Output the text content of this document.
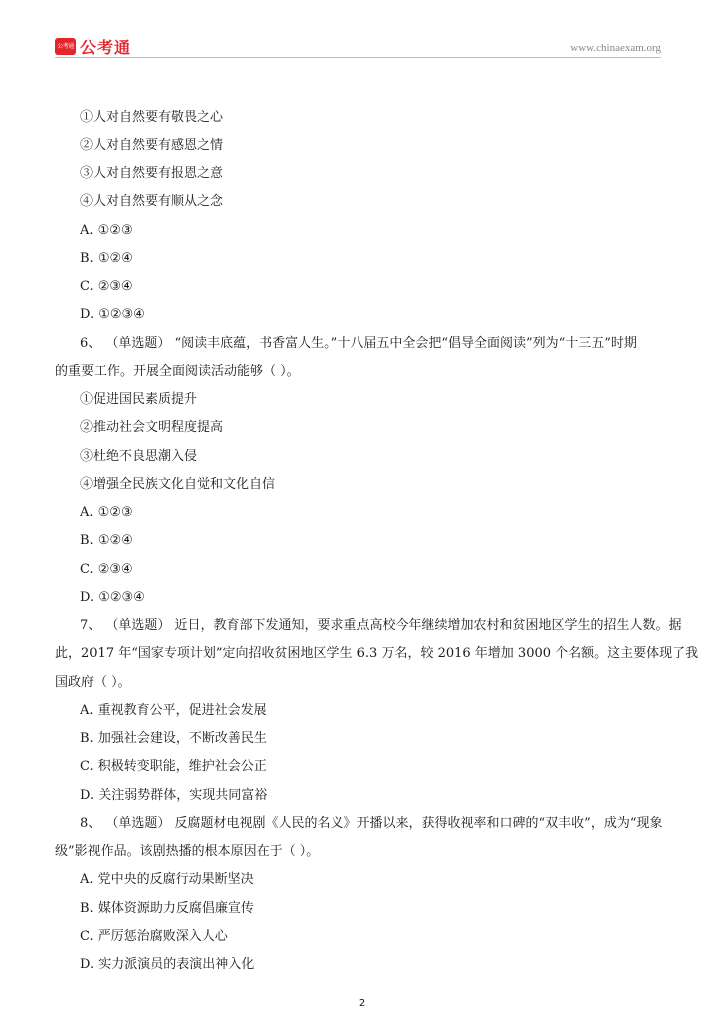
公考通 公考通	www.chinaexam.org
①人对自然要有敬畏之心
②人对自然要有感恩之情
③人对自然要有报恩之意
④人对自然要有顺从之念
A. ①②③
B. ①②④
C. ②③④
D. ①②③④
6、 （单选题） “阅读丰底蕴，书香富人生。”十八届五中全会把“倡导全面阅读”列为“十三五”时期
的重要工作。开展全面阅读活动能够（ ）。
①促进国民素质提升
②推动社会文明程度提高
③杜绝不良思潮入侵
④增强全民族文化自觉和文化自信
A. ①②③
B. ①②④
C. ②③④
D. ①②③④
7、 （单选题） 近日，教育部下发通知，要求重点高校今年继续增加农村和贫困地区学生的招生人数。据
此，2017 年“国家专项计划”定向招收贫困地区学生 6.3 万名，较 2016 年增加 3000 个名额。这主要体现了我
国政府（ ）。
A. 重视教育公平，促进社会发展
B. 加强社会建设，不断改善民生
C. 积极转变职能，维护社会公正
D. 关注弱势群体，实现共同富裕
8、 （单选题） 反腐题材电视剧《人民的名义》开播以来，获得收视率和口碑的“双丰收”，成为“现象
级”影视作品。该剧热播的根本原因在于（ ）。
A. 党中央的反腐行动果断坚决
B. 媒体资源助力反腐倡廉宣传
C. 严厉惩治腐败深入人心
D. 实力派演员的表演出神入化
2
